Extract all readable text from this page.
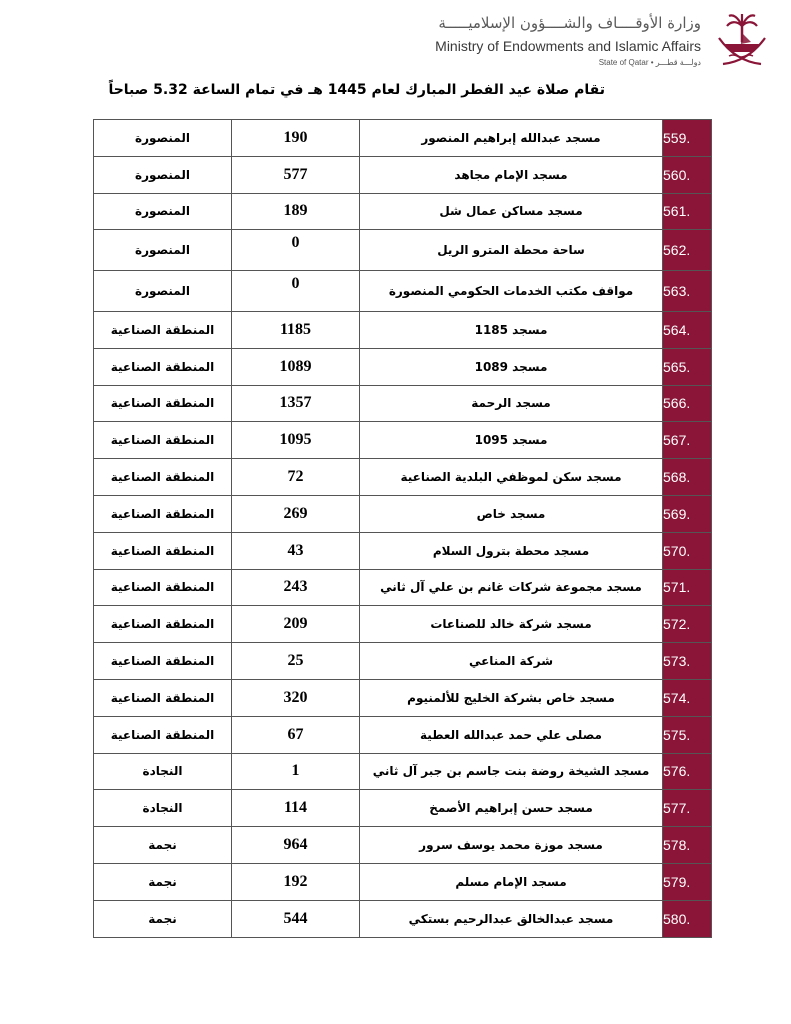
وزارة الأوقــــاف والشــــؤون الإسلاميـــــة
Ministry of Endowments and Islamic Affairs
State of Qatar • دولـــة قطـــر
تقام صلاة عيد الفطر المبارك لعام 1445 هـ في تمام الساعة 5.32 صباحاً
المنصورة	190	مسجد عبدالله إبراهيم المنصور	559.
المنصورة	577	مسجد الإمام مجاهد	560.
المنصورة	189	مسجد مساكن عمال شل	561.
المنصورة	0	ساحة محطة المترو الريل	562.
المنصورة	0	مواقف مكتب الخدمات الحكومي المنصورة	563.
المنطقة الصناعية	1185	مسجد 1185	564.
المنطقة الصناعية	1089	مسجد 1089	565.
المنطقة الصناعية	1357	مسجد الرحمة	566.
المنطقة الصناعية	1095	مسجد 1095	567.
المنطقة الصناعية	72	مسجد سكن لموظفي البلدية الصناعية	568.
المنطقة الصناعية	269	مسجد خاص	569.
المنطقة الصناعية	43	مسجد محطة بترول السلام	570.
المنطقة الصناعية	243	مسجد مجموعة شركات غانم بن علي آل ثاني	571.
المنطقة الصناعية	209	مسجد شركة خالد للصناعات	572.
المنطقة الصناعية	25	شركة المناعي	573.
المنطقة الصناعية	320	مسجد خاص بشركة الخليج للألمنيوم	574.
المنطقة الصناعية	67	مصلى علي حمد عبدالله العطية	575.
النجادة	1	مسجد الشيخة روضة بنت جاسم بن جبر آل ثاني	576.
النجادة	114	مسجد حسن إبراهيم الأصمخ	577.
نجمة	964	مسجد موزة محمد يوسف سرور	578.
نجمة	192	مسجد الإمام مسلم	579.
نجمة	544	مسجد عبدالخالق عبدالرحيم بستكي	580.
